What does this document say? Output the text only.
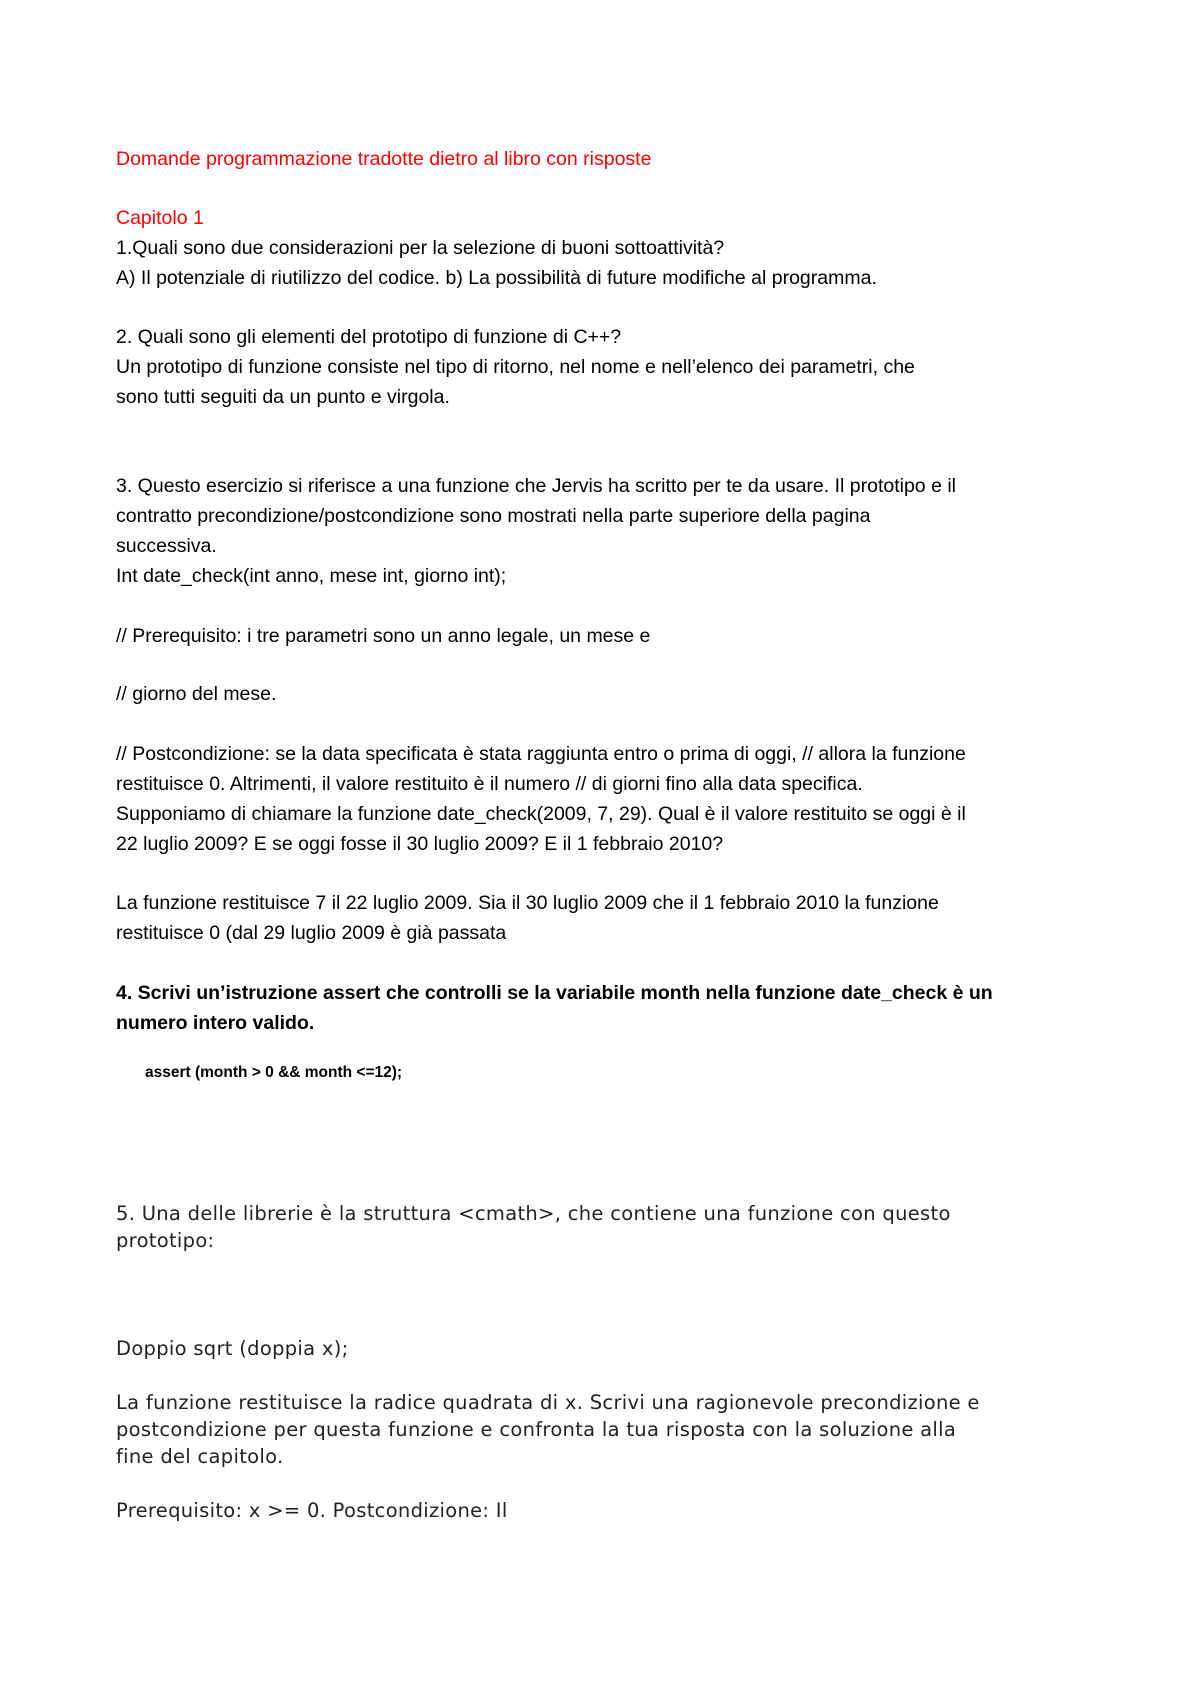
Domande programmazione tradotte dietro al libro con risposte

Capitolo 1

1.Quali sono due considerazioni per la selezione di buoni sottoattività?

A) Il potenziale di riutilizzo del codice. b) La possibilità di future modifiche al programma.

2. Quali sono gli elementi del prototipo di funzione di C++?

Un prototipo di funzione consiste nel tipo di ritorno, nel nome e nell’elenco dei parametri, che

sono tutti seguiti da un punto e virgola.

3. Questo esercizio si riferisce a una funzione che Jervis ha scritto per te da usare. Il prototipo e il

contratto precondizione/postcondizione sono mostrati nella parte superiore della pagina

successiva.

Int date_check(int anno, mese int, giorno int);

// Prerequisito: i tre parametri sono un anno legale, un mese e

// giorno del mese.

// Postcondizione: se la data specificata è stata raggiunta entro o prima di oggi, // allora la funzione

restituisce 0. Altrimenti, il valore restituito è il numero // di giorni fino alla data specifica.

Supponiamo di chiamare la funzione date_check(2009, 7, 29). Qual è il valore restituito se oggi è il

22 luglio 2009? E se oggi fosse il 30 luglio 2009? E il 1 febbraio 2010?

La funzione restituisce 7 il 22 luglio 2009. Sia il 30 luglio 2009 che il 1 febbraio 2010 la funzione

restituisce 0 (dal 29 luglio 2009 è già passata

4. Scrivi un’istruzione assert che controlli se la variabile month nella funzione date_check è un

numero intero valido.

assert (month > 0 && month <=12);

5. Una delle librerie è la struttura <cmath>, che contiene una funzione con questo

prototipo:

Doppio sqrt (doppia x);

La funzione restituisce la radice quadrata di x. Scrivi una ragionevole precondizione e

postcondizione per questa funzione e confronta la tua risposta con la soluzione alla

fine del capitolo.

Prerequisito: x >= 0. Postcondizione: Il
